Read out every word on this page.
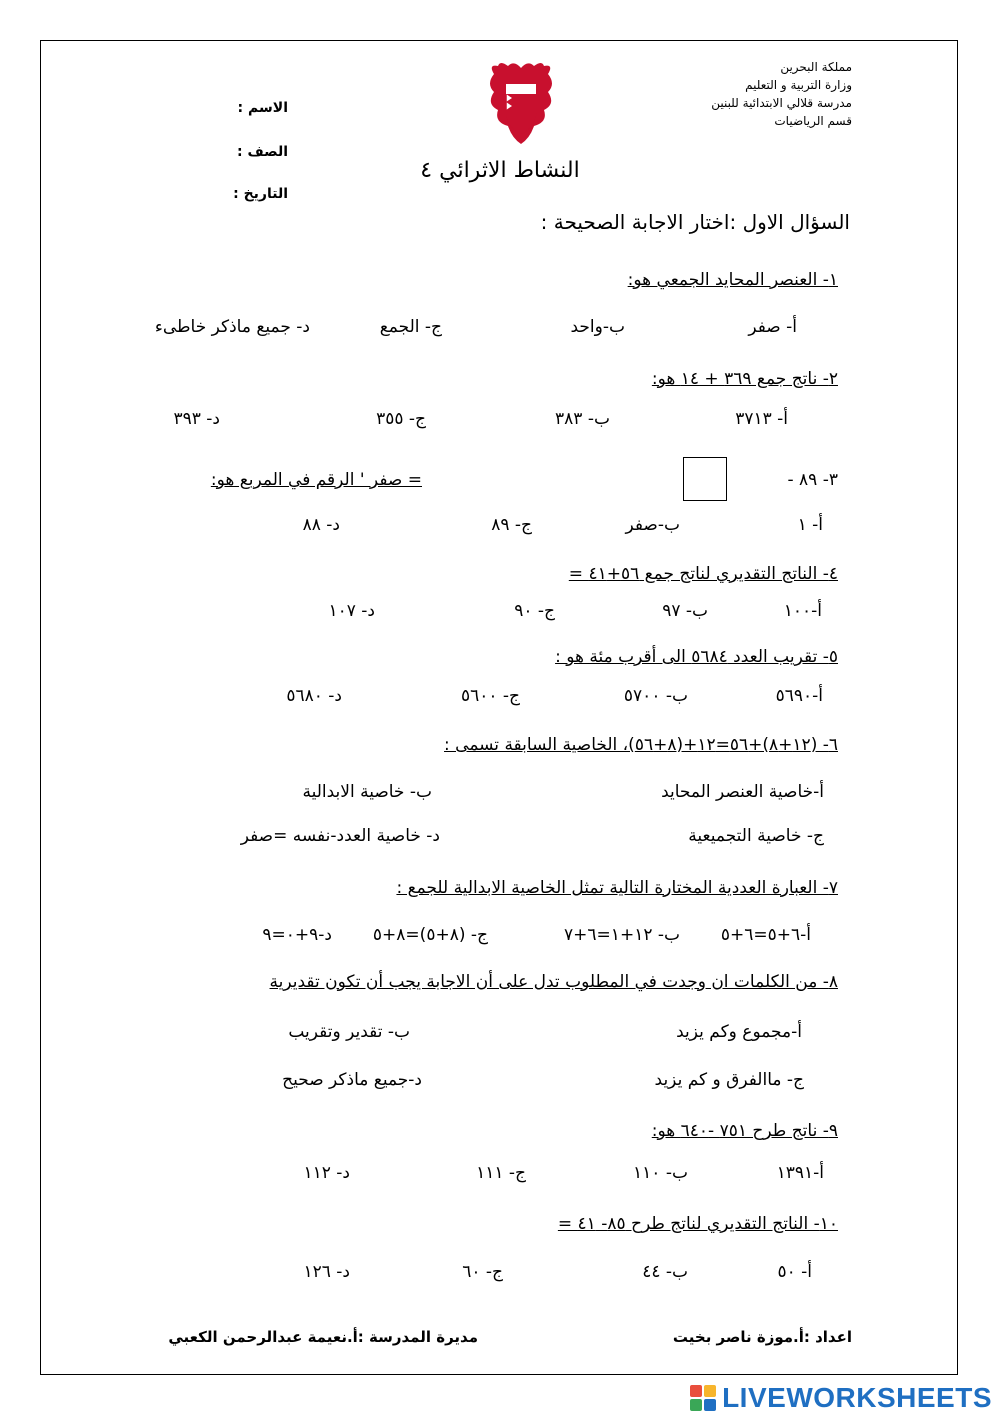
مملكة البحرين
وزارة التربية و التعليم
مدرسة قلالي الابتدائية للبنين
قسم الرياضيات
الاسم :
الصف :
التاريخ :
النشاط الاثرائي ٤
السؤال الاول :اختار الاجابة الصحيحة :
١- العنصر المحايد الجمعي هو:
أ- صفر
ب-واحد
ج- الجمع
د- جميع ماذكر خاطىء
٢- ناتج جمع ٣٦٩ + ١٤ هو:
أ- ٣٧١٣
ب- ٣٨٣
ج- ٣٥٥
د- ٣٩٣
٣- ٨٩ -
= صفر ' الرقم في المربع هو:
أ- ١
ب-صفر
ج- ٨٩
د- ٨٨
٤- الناتج التقديري لناتج جمع ٥٦+٤١ =
أ-١٠٠
ب- ٩٧
ج- ٩٠
د- ١٠٧
٥- تقريب العدد ٥٦٨٤ الى أقرب مئة هو :
أ-٥٦٩٠
ب- ٥٧٠٠
ج- ٥٦٠٠
د- ٥٦٨٠
٦- (١٢+٨)+٥٦=١٢+(٨+٥٦)، الخاصية السابقة تسمى :
أ-خاصية العنصر المحايد
ب- خاصية الابدالية
ج- خاصية التجميعية
د- خاصية العدد-نفسه =صفر
٧- العبارة العددية المختارة التالية تمثل الخاصية الابدالية للجمع :
أ-٦+٥=٦+٥
ب- ١٢+١=٦+٧
ج- (٨+٥)=٨+٥
د-٩+٠=٩
٨- من الكلمات ان وجدت في المطلوب تدل على أن الاجابة يجب أن تكون تقديرية
أ-مجموع وكم يزيد
ب- تقدير وتقريب
ج- ماالفرق و كم يزيد
د-جميع ماذكر صحيح
٩- ناتج طرح ٧٥١ -٦٤٠ هو:
أ-١٣٩١
ب- ١١٠
ج- ١١١
د- ١١٢
١٠- الناتج التقديري لناتج طرح ٨٥- ٤١ =
أ- ٥٠
ب- ٤٤
ج- ٦٠
د- ١٢٦
اعداد :أ.موزة ناصر بخيت
مديرة المدرسة :أ.نعيمة عبدالرحمن الكعبي
LIVEWORKSHEETS
